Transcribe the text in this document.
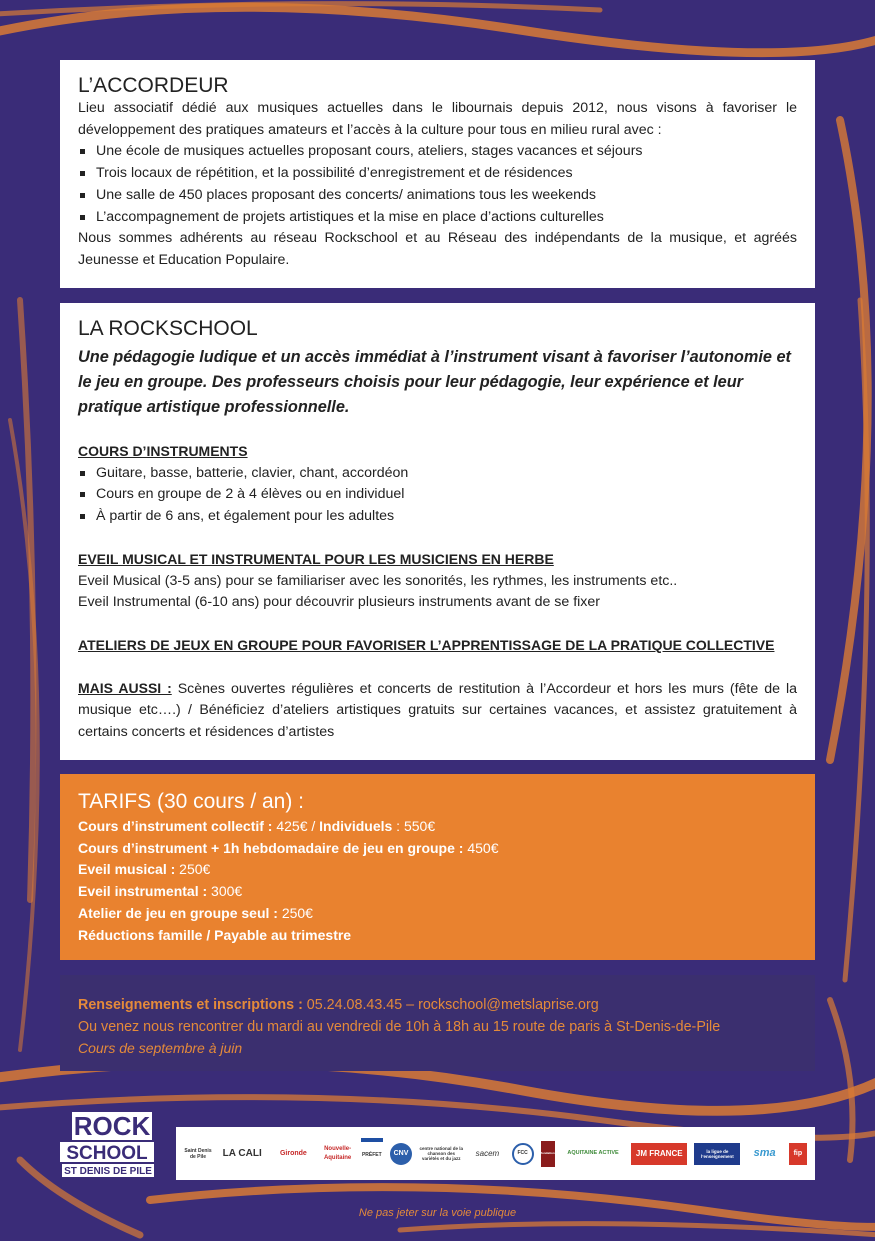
L’ACCORDEUR

Lieu associatif dédié aux musiques actuelles dans le libournais depuis 2012, nous visons à favoriser le développement des pratiques amateurs et l’accès à la culture pour tous en milieu rural avec :

Une école de musiques actuelles proposant cours, ateliers, stages vacances et séjours
Trois locaux de répétition, et la possibilité d’enregistrement et de résidences
Une salle de 450 places proposant des concerts/ animations tous les weekends
L’accompagnement de projets artistiques et la mise en place d’actions culturelles

Nous sommes adhérents au réseau Rockschool et au Réseau des indépendants de la musique, et agréés Jeunesse et Education Populaire.

LA ROCKSCHOOL

Une pédagogie ludique et un accès immédiat à l’instrument visant à favoriser l’autonomie et le jeu en groupe. Des professeurs choisis pour leur pédagogie, leur expérience et leur pratique artistique professionnelle.

COURS D’INSTRUMENTS
Guitare, basse, batterie, clavier, chant, accordéon
Cours en groupe de 2 à 4 élèves ou en individuel
À partir de 6 ans, et également pour les adultes
EVEIL MUSICAL ET INSTRUMENTAL POUR LES MUSICIENS EN HERBE

Eveil Musical (3-5 ans) pour se familiariser avec les sonorités, les rythmes, les instruments etc..

Eveil Instrumental (6-10 ans) pour découvrir plusieurs instruments avant de se fixer

ATELIERS DE JEUX EN GROUPE POUR FAVORISER L’APPRENTISSAGE DE LA PRATIQUE COLLECTIVE

MAIS AUSSI : Scènes ouvertes régulières et concerts de restitution à l’Accordeur et hors les murs (fête de la musique etc….) / Bénéficiez d’ateliers artistiques gratuits sur certaines vacances, et assistez gratuitement à certains concerts et résidences d’artistes

TARIFS (30 cours / an) :
Cours d’instrument collectif : 425€ / Individuels : 550€
Cours d’instrument + 1h hebdomadaire de jeu en groupe : 450€
Eveil musical : 250€
Eveil instrumental : 300€
Atelier de jeu en groupe seul : 250€
Réductions famille / Payable au trimestre
Renseignements et inscriptions : 05.24.08.43.45 – rockschool@metslaprise.org
Ou venez nous rencontrer du mardi au vendredi de 10h à 18h au 15 route de paris à St-Denis-de-Pile
Cours de septembre à juin
ROCK
SCHOOL
ST DENIS DE PILE
Saint Denis de Pile	LA CALI	Gironde
Nouvelle-Aquitaine	PRÉFET CNV
centre national de la chanson des variétés et du jazz
sacem	FCC	fondation AQUITAINE ACTIVE JM FRANCE	la ligue de l’enseignement	sma	fip
Ne pas jeter sur la voie publique
